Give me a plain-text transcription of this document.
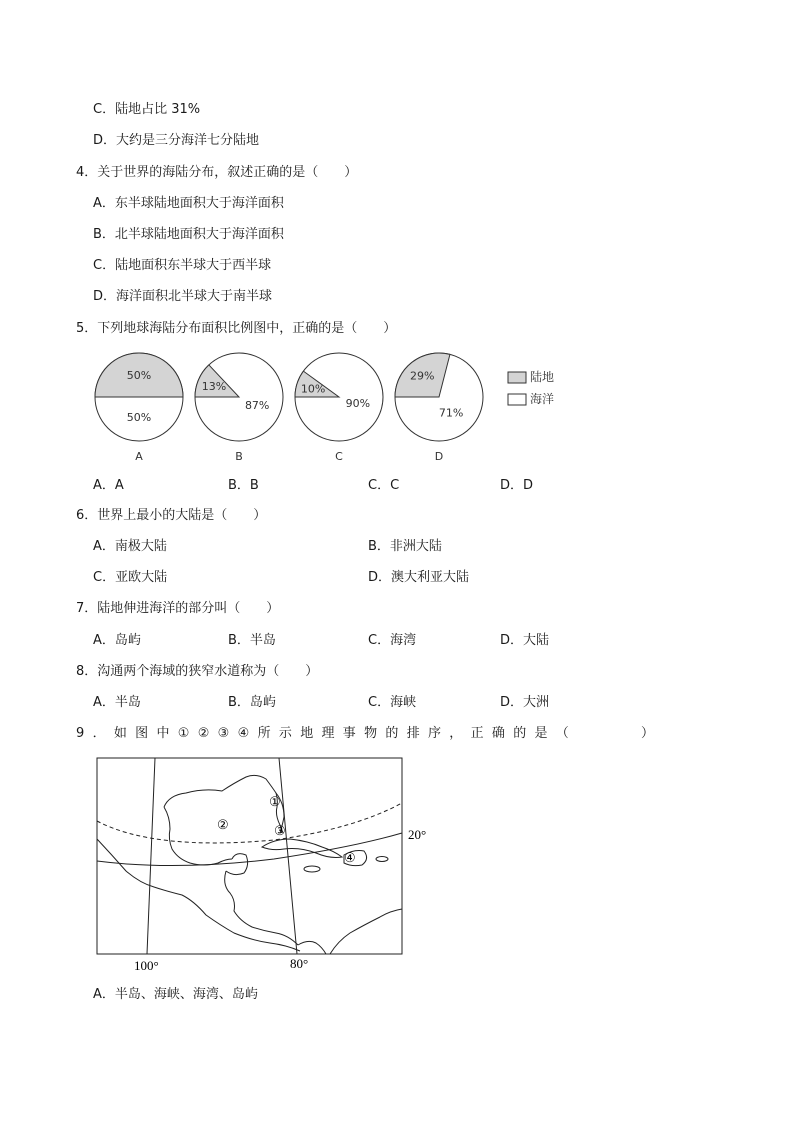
C．陆地占比 31%
D．大约是三分海洋七分陆地
4．关于世界的海陆分布，叙述正确的是（　　）
A．东半球陆地面积大于海洋面积
B．北半球陆地面积大于海洋面积
C．陆地面积东半球大于西半球
D．海洋面积北半球大于南半球
5．下列地球海陆分布面积比例图中，正确的是（　　）
50%
50%
A
13%
87%
B
10%
90%
C
29%
71%
D
陆地
海洋
A．A	B．B	C．C	D．D
6．世界上最小的大陆是（　　）
A．南极大陆	B．非洲大陆
C．亚欧大陆	D．澳大利亚大陆
7．陆地伸进海洋的部分叫（　　）
A．岛屿	B．半岛	C．海湾	D．大陆
8．沟通两个海域的狭窄水道称为（　　）
A．半岛	B．岛屿	C．海峡	D．大洲
9．如图中①②③④所示地理事物的排序，正确的是（　　　）
①
②	③
④
20°
100°	80°
A．半岛、海峡、海湾、岛屿
